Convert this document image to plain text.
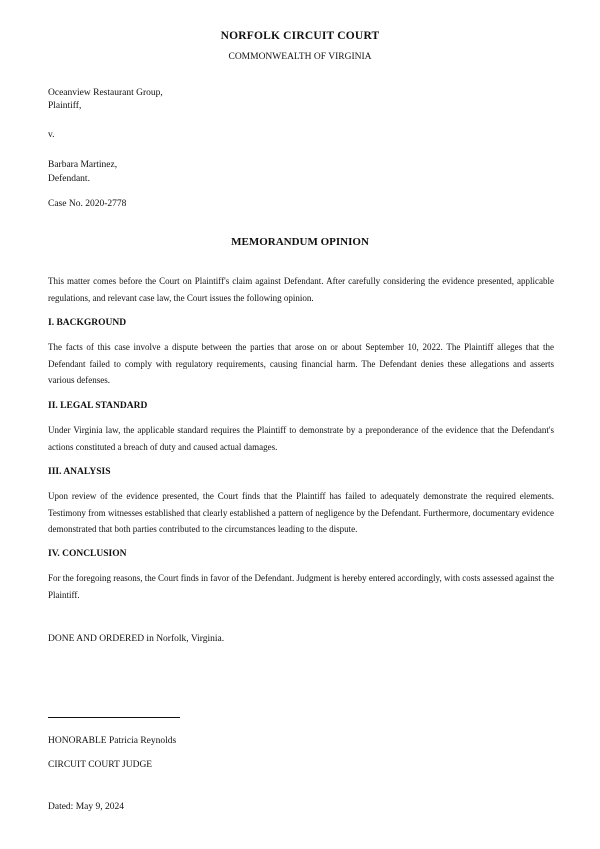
NORFOLK CIRCUIT COURT
COMMONWEALTH OF VIRGINIA
Oceanview Restaurant Group,
Plaintiff,
v.
Barbara Martinez,
Defendant.
Case No. 2020-2778
MEMORANDUM OPINION
This matter comes before the Court on Plaintiff's claim against Defendant. After carefully considering the evidence presented, applicable regulations, and relevant case law, the Court issues the following opinion.
I. BACKGROUND
The facts of this case involve a dispute between the parties that arose on or about September 10, 2022. The Plaintiff alleges that the Defendant failed to comply with regulatory requirements, causing financial harm. The Defendant denies these allegations and asserts various defenses.
II. LEGAL STANDARD
Under Virginia law, the applicable standard requires the Plaintiff to demonstrate by a preponderance of the evidence that the Defendant's actions constituted a breach of duty and caused actual damages.
III. ANALYSIS
Upon review of the evidence presented, the Court finds that the Plaintiff has failed to adequately demonstrate the required elements. Testimony from witnesses established that clearly established a pattern of negligence by the Defendant. Furthermore, documentary evidence demonstrated that both parties contributed to the circumstances leading to the dispute.
IV. CONCLUSION
For the foregoing reasons, the Court finds in favor of the Defendant. Judgment is hereby entered accordingly, with costs assessed against the Plaintiff.
DONE AND ORDERED in Norfolk, Virginia.
HONORABLE Patricia Reynolds
CIRCUIT COURT JUDGE
Dated: May 9, 2024
